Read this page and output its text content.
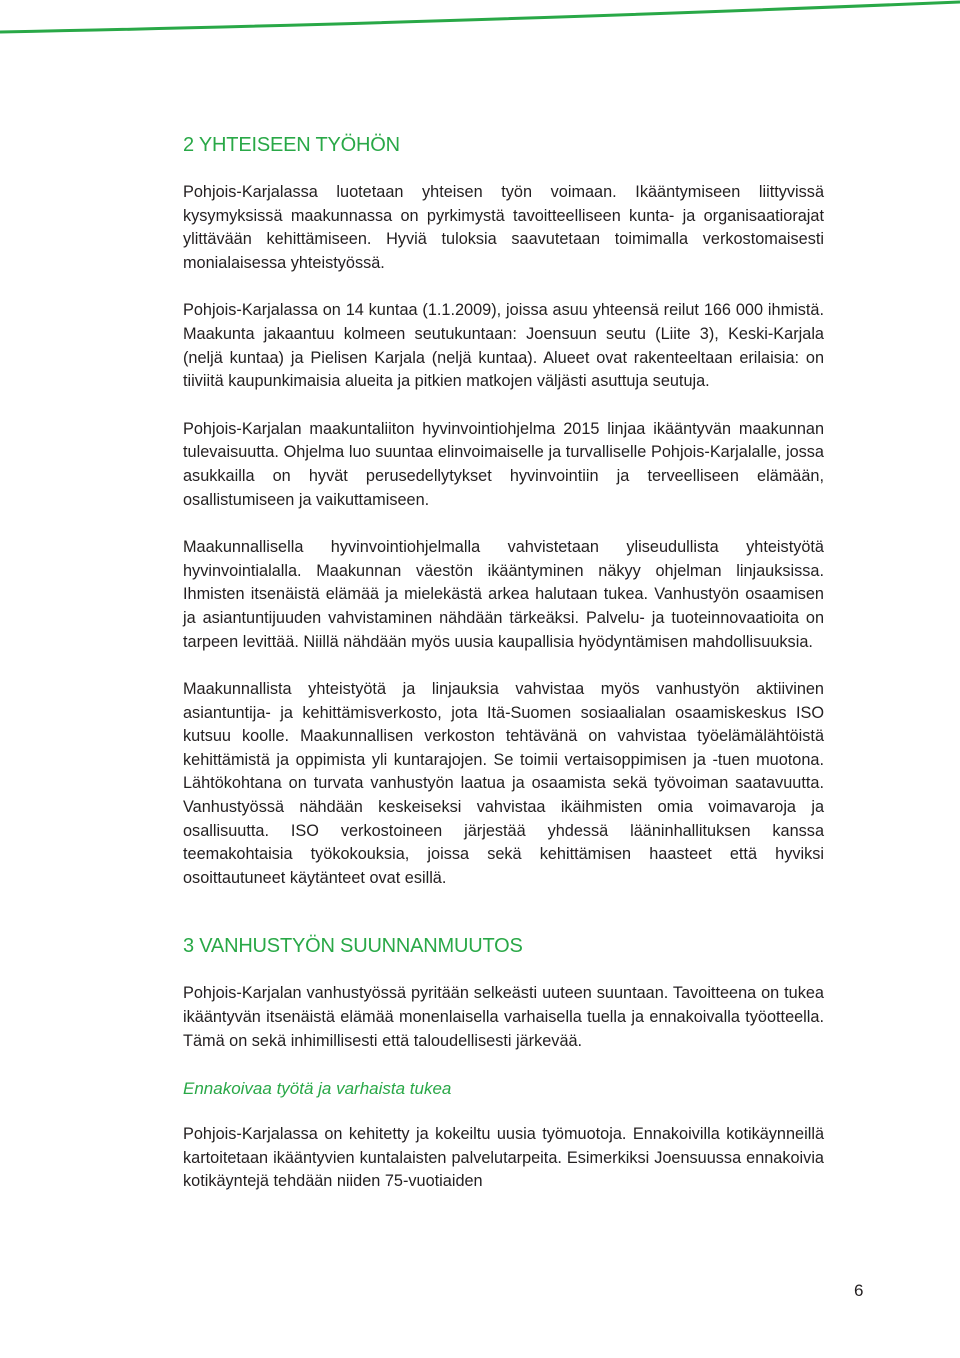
2 YHTEISEEN TYÖHÖN

Pohjois-Karjalassa luotetaan yhteisen työn voimaan. Ikääntymiseen liittyvissä kysymyksissä maakunnassa on pyrkimystä tavoitteelliseen kunta- ja organisaatiorajat ylittävään kehittämiseen. Hyviä tuloksia saavutetaan toimimalla verkostomaisesti monialaisessa yhteistyössä.

Pohjois-Karjalassa on 14 kuntaa (1.1.2009), joissa asuu yhteensä reilut 166 000 ihmistä. Maakunta jakaantuu kolmeen seutukuntaan: Joensuun seutu (Liite 3), Keski-Karjala (neljä kuntaa) ja Pielisen Karjala (neljä kuntaa). Alueet ovat rakenteeltaan erilaisia: on tiiviitä kaupunkimaisia alueita ja pitkien matkojen väljästi asuttuja seutuja.

Pohjois-Karjalan maakuntaliiton hyvinvointiohjelma 2015 linjaa ikääntyvän maakunnan tulevaisuutta. Ohjelma luo suuntaa elinvoimaiselle ja turvalliselle Pohjois-Karjalalle, jossa asukkailla on hyvät perusedellytykset hyvinvointiin ja terveelliseen elämään, osallistumiseen ja vaikuttamiseen.

Maakunnallisella hyvinvointiohjelmalla vahvistetaan yliseudullista yhteistyötä hyvinvointialalla. Maakunnan väestön ikääntyminen näkyy ohjelman linjauksissa. Ihmisten itsenäistä elämää ja mielekästä arkea halutaan tukea. Vanhustyön osaamisen ja asiantuntijuuden vahvistaminen nähdään tärkeäksi. Palvelu- ja tuoteinnovaatioita on tarpeen levittää. Niillä nähdään myös uusia kaupallisia hyödyntämisen mahdollisuuksia.

Maakunnallista yhteistyötä ja linjauksia vahvistaa myös vanhustyön aktiivinen asiantuntija- ja kehittämisverkosto, jota Itä-Suomen sosiaalialan osaamiskeskus ISO kutsuu koolle. Maakunnallisen verkoston tehtävänä on vahvistaa työelämälähtöistä kehittämistä ja oppimista yli kuntarajojen. Se toimii vertaisoppimisen ja -tuen muotona. Lähtökohtana on turvata vanhustyön laatua ja osaamista sekä työvoiman saatavuutta. Vanhustyössä nähdään keskeiseksi vahvistaa ikäihmisten omia voimavaroja ja osallisuutta. ISO verkostoineen järjestää yhdessä lääninhallituksen kanssa teemakohtaisia työkokouksia, joissa sekä kehittämisen haasteet että hyviksi osoittautuneet käytänteet ovat esillä.

3 VANHUSTYÖN SUUNNANMUUTOS

Pohjois-Karjalan vanhustyössä pyritään selkeästi uuteen suuntaan. Tavoitteena on tukea ikääntyvän itsenäistä elämää monenlaisella varhaisella tuella ja ennakoivalla työotteella. Tämä on sekä inhimillisesti että taloudellisesti järkevää.

Ennakoivaa työtä ja varhaista tukea

Pohjois-Karjalassa on kehitetty ja kokeiltu uusia työmuotoja. Ennakoivilla kotikäynneillä kartoitetaan ikääntyvien kuntalaisten palvelutarpeita. Esimerkiksi Joensuussa ennakoivia kotikäyntejä tehdään niiden 75-vuotiaiden

6
